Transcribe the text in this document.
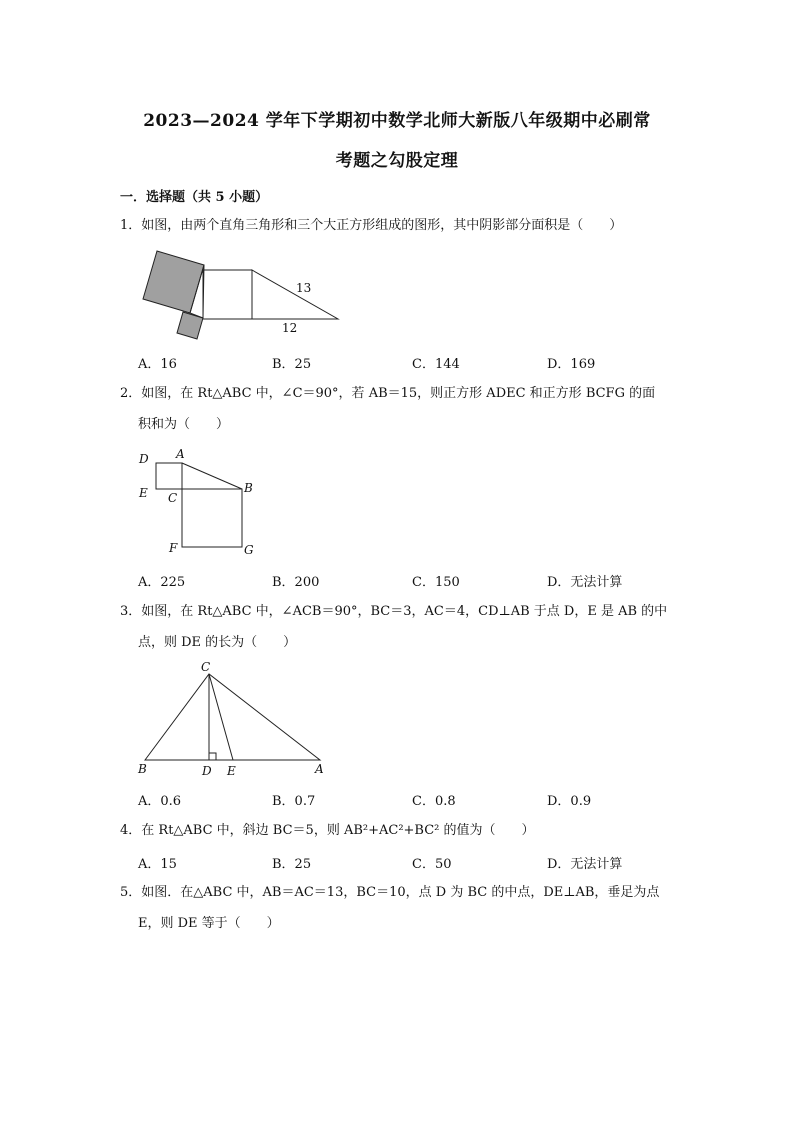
2023—2024 学年下学期初中数学北师大新版八年级期中必刷常
考题之勾股定理
一．选择题（共 5 小题）
1．如图，由两个直角三角形和三个大正方形组成的图形，其中阴影部分面积是（　　）
13
12
A．16	B．25	C．144	D．169
2．如图，在 Rt△ABC 中，∠C＝90°，若 AB＝15，则正方形 ADEC 和正方形 BCFG 的面
积和为（　　）
D A
E C
B
F	G
A．225	B．200	C．150	D．无法计算
3．如图，在 Rt△ABC 中，∠ACB＝90°，BC＝3，AC＝4，CD⊥AB 于点 D，E 是 AB 的中
点，则 DE 的长为（　　）
C
B	D E	A
A．0.6	B．0.7	C．0.8	D．0.9
4．在 Rt△ABC 中，斜边 BC＝5，则 AB²+AC²+BC² 的值为（　　）
A．15	B．25	C．50	D．无法计算
5．如图．在△ABC 中，AB＝AC＝13，BC＝10，点 D 为 BC 的中点，DE⊥AB，垂足为点
E，则 DE 等于（　　）
